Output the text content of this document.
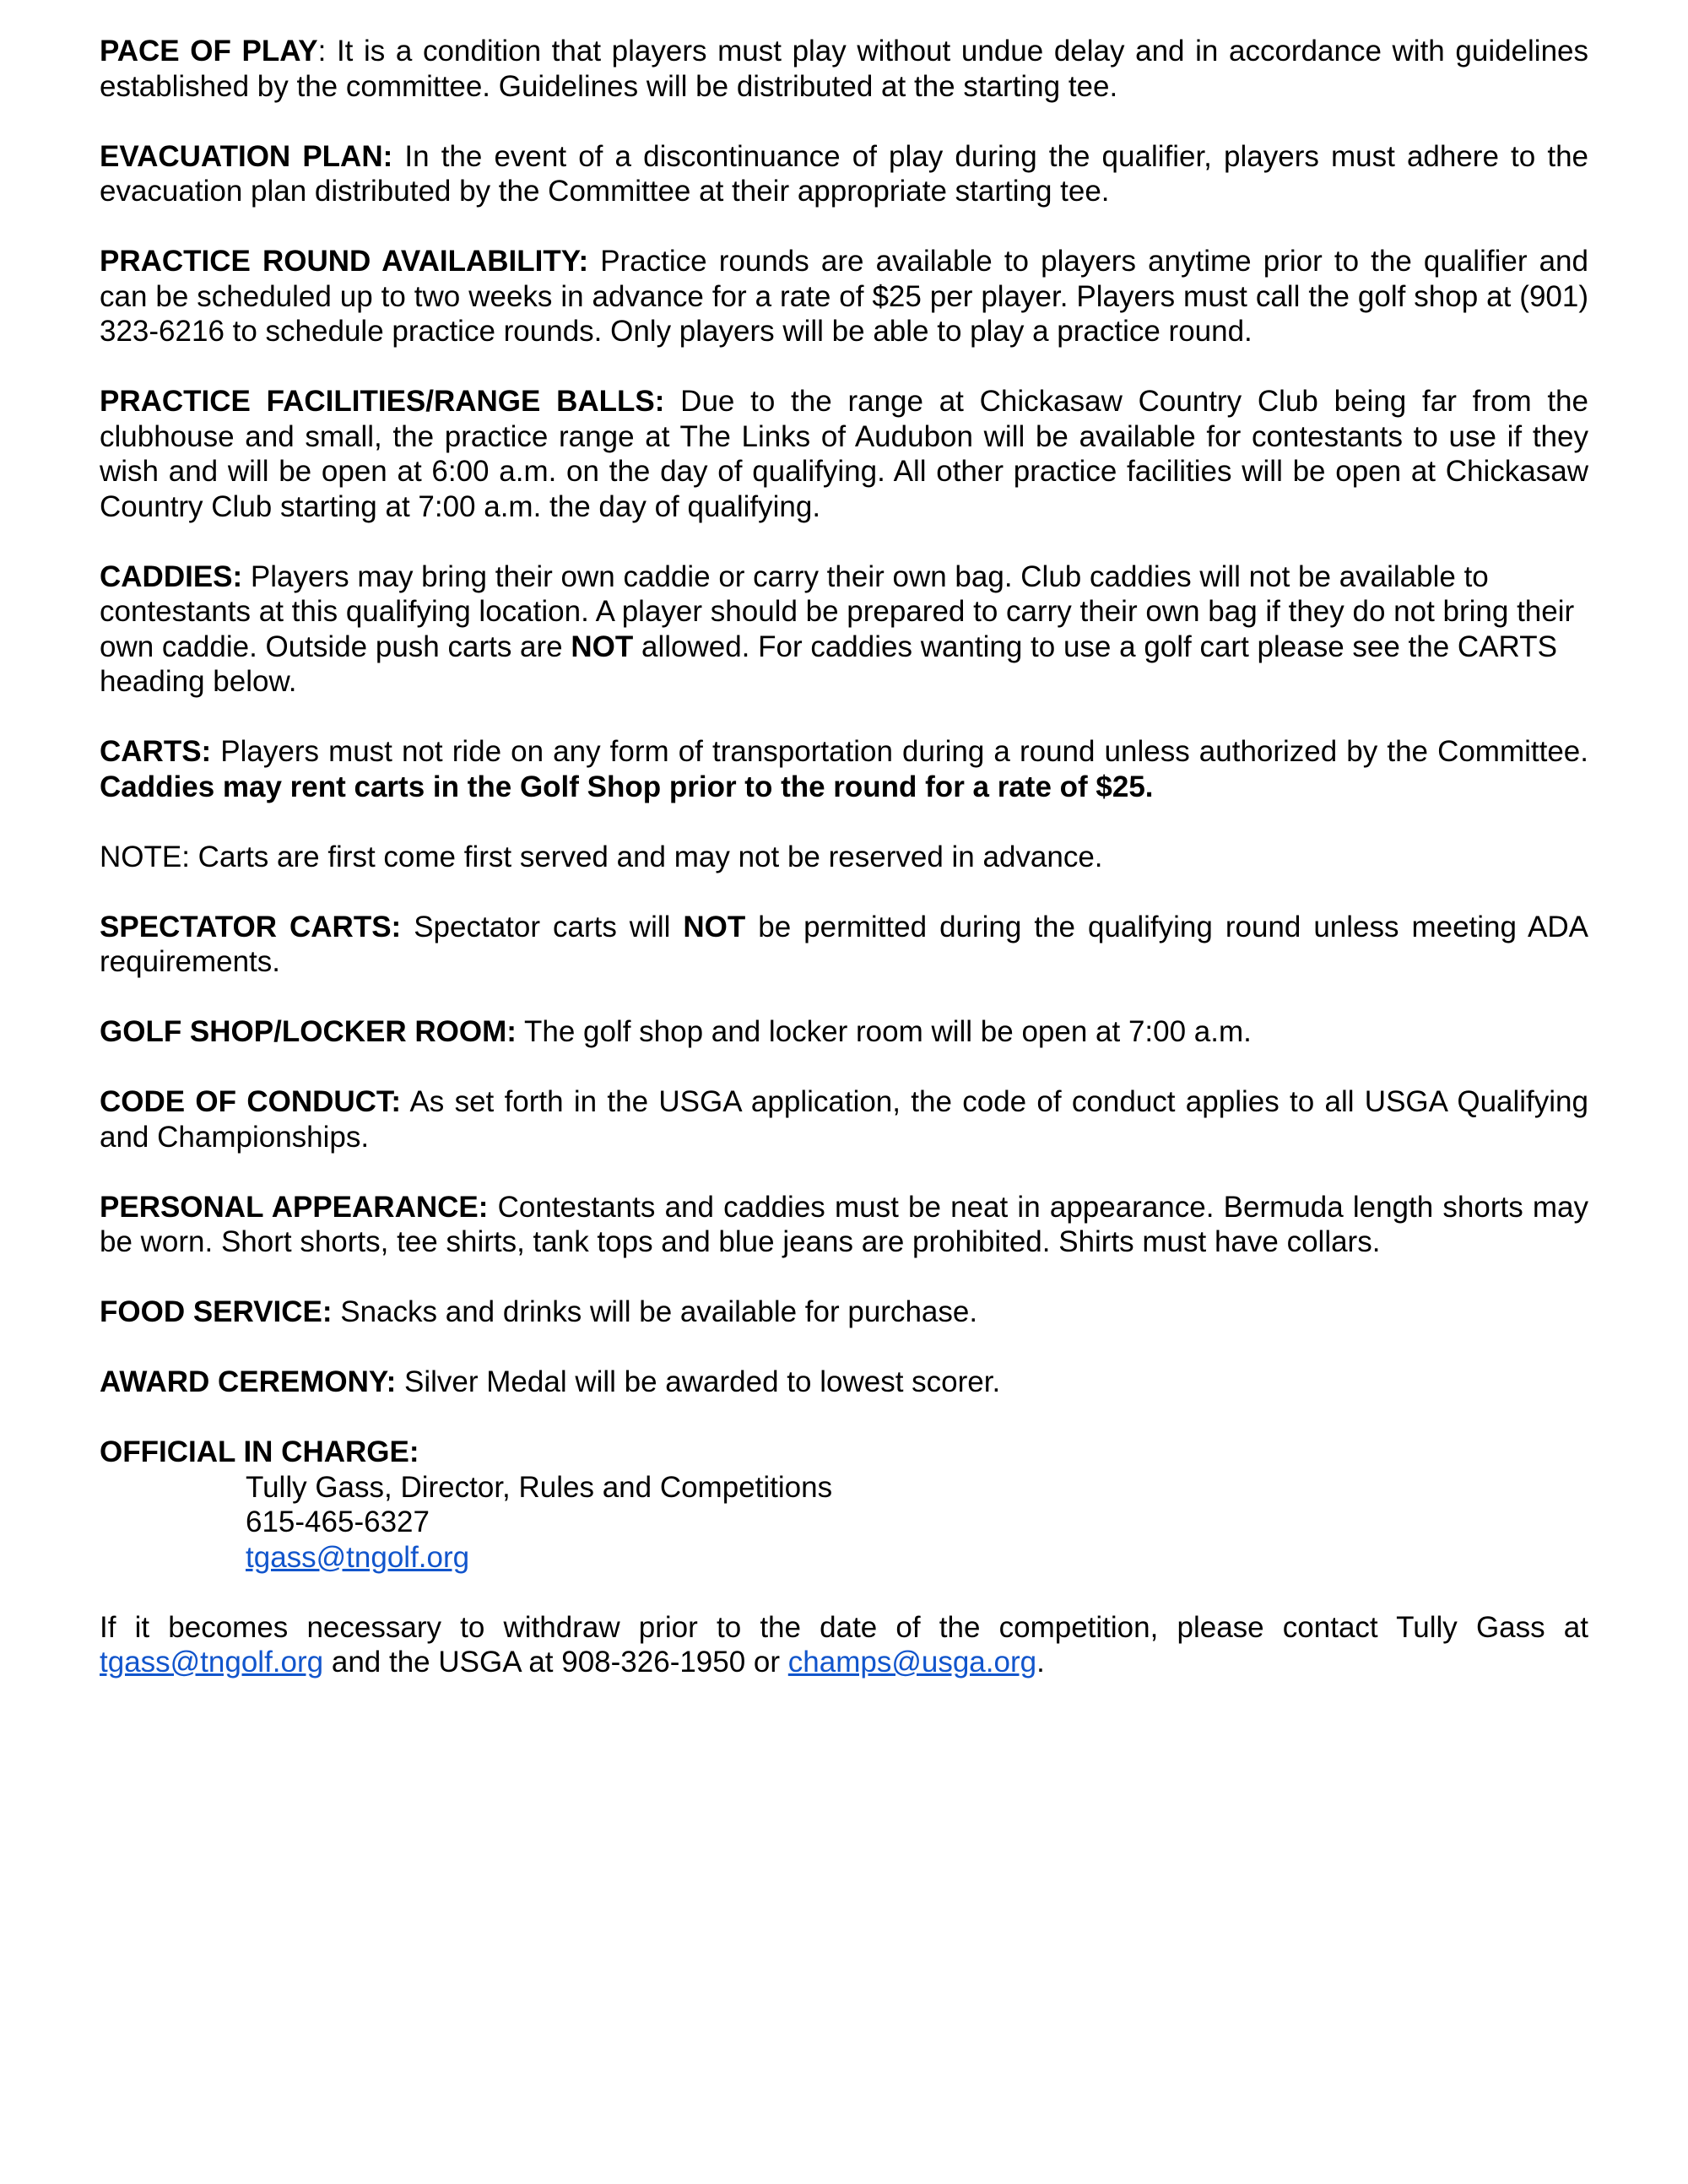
PACE OF PLAY: It is a condition that players must play without undue delay and in accordance with guidelines established by the committee. Guidelines will be distributed at the starting tee.

EVACUATION PLAN: In the event of a discontinuance of play during the qualifier, players must adhere to the evacuation plan distributed by the Committee at their appropriate starting tee.

PRACTICE ROUND AVAILABILITY: Practice rounds are available to players anytime prior to the qualifier and can be scheduled up to two weeks in advance for a rate of $25 per player. Players must call the golf shop at (901) 323-6216 to schedule practice rounds. Only players will be able to play a practice round.

PRACTICE FACILITIES/RANGE BALLS: Due to the range at Chickasaw Country Club being far from the clubhouse and small, the practice range at The Links of Audubon will be available for contestants to use if they wish and will be open at 6:00 a.m. on the day of qualifying. All other practice facilities will be open at Chickasaw Country Club starting at 7:00 a.m. the day of qualifying.

CADDIES: Players may bring their own caddie or carry their own bag. Club caddies will not be available to contestants at this qualifying location. A player should be prepared to carry their own bag if they do not bring their own caddie. Outside push carts are NOT allowed. For caddies wanting to use a golf cart please see the CARTS heading below.

CARTS: Players must not ride on any form of transportation during a round unless authorized by the Committee. Caddies may rent carts in the Golf Shop prior to the round for a rate of $25.

NOTE: Carts are first come first served and may not be reserved in advance.

SPECTATOR CARTS: Spectator carts will NOT be permitted during the qualifying round unless meeting ADA requirements.

GOLF SHOP/LOCKER ROOM: The golf shop and locker room will be open at 7:00 a.m.

CODE OF CONDUCT: As set forth in the USGA application, the code of conduct applies to all USGA Qualifying and Championships.

PERSONAL APPEARANCE: Contestants and caddies must be neat in appearance. Bermuda length shorts may be worn. Short shorts, tee shirts, tank tops and blue jeans are prohibited. Shirts must have collars.

FOOD SERVICE: Snacks and drinks will be available for purchase.

AWARD CEREMONY: Silver Medal will be awarded to lowest scorer.

OFFICIAL IN CHARGE:
Tully Gass, Director, Rules and Competitions
615-465-6327
tgass@tngolf.org

If it becomes necessary to withdraw prior to the date of the competition, please contact Tully Gass at tgass@tngolf.org and the USGA at 908-326-1950 or champs@usga.org.
